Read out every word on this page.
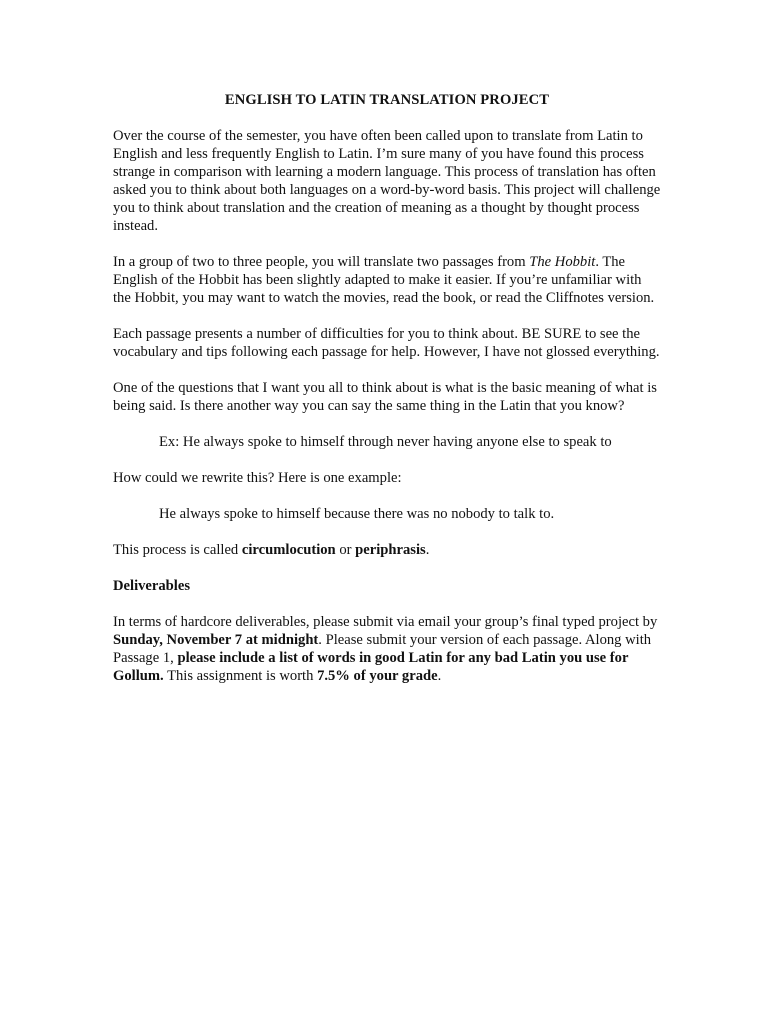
ENGLISH TO LATIN TRANSLATION PROJECT

Over the course of the semester, you have often been called upon to translate from Latin to English and less frequently English to Latin. I’m sure many of you have found this process strange in comparison with learning a modern language. This process of translation has often asked you to think about both languages on a word-by-word basis. This project will challenge you to think about translation and the creation of meaning as a thought by thought process instead.

In a group of two to three people, you will translate two passages from The Hobbit. The English of the Hobbit has been slightly adapted to make it easier. If you’re unfamiliar with the Hobbit, you may want to watch the movies, read the book, or read the Cliffnotes version.

Each passage presents a number of difficulties for you to think about. BE SURE to see the vocabulary and tips following each passage for help. However, I have not glossed everything.

One of the questions that I want you all to think about is what is the basic meaning of what is being said. Is there another way you can say the same thing in the Latin that you know?

Ex: He always spoke to himself through never having anyone else to speak to

How could we rewrite this? Here is one example:

He always spoke to himself because there was no nobody to talk to.

This process is called circumlocution or periphrasis.

Deliverables

In terms of hardcore deliverables, please submit via email your group’s final typed project by Sunday, November 7 at midnight. Please submit your version of each passage. Along with Passage 1, please include a list of words in good Latin for any bad Latin you use for Gollum. This assignment is worth 7.5% of your grade.
